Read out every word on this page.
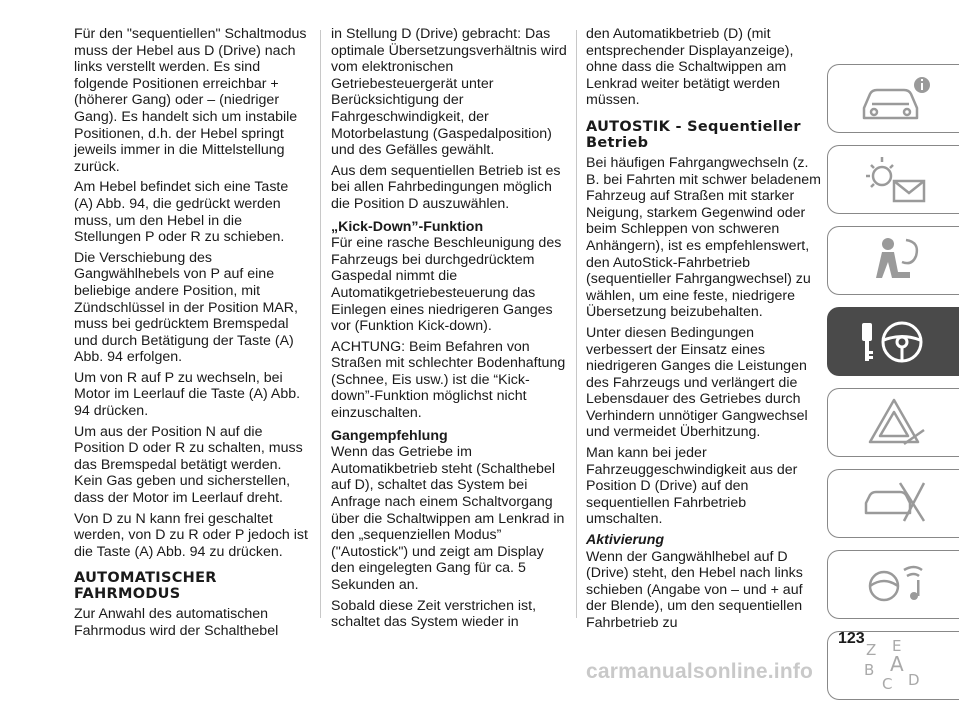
Für den "sequentiellen" Schaltmodus muss der Hebel aus D (Drive) nach links verstellt werden. Es sind folgende Positionen erreichbar + (höherer Gang) oder – (niedriger Gang). Es handelt sich um instabile Positionen, d.h. der Hebel springt jeweils immer in die Mittelstellung zurück.

Am Hebel befindet sich eine Taste (A) Abb. 94, die gedrückt werden muss, um den Hebel in die Stellungen P oder R zu schieben.

Die Verschiebung des Gangwählhebels von P auf eine beliebige andere Position, mit Zündschlüssel in der Position MAR, muss bei gedrücktem Bremspedal und durch Betätigung der Taste (A) Abb. 94 erfolgen.

Um von R auf P zu wechseln, bei Motor im Leerlauf die Taste (A) Abb. 94 drücken.

Um aus der Position N auf die Position D oder R zu schalten, muss das Bremspedal betätigt werden. Kein Gas geben und sicherstellen, dass der Motor im Leerlauf dreht.

Von D zu N kann frei geschaltet werden, von D zu R oder P jedoch ist die Taste (A) Abb. 94 zu drücken.

AUTOMATISCHER FAHRMODUS

Zur Anwahl des automatischen Fahrmodus wird der Schalthebel

in Stellung D (Drive) gebracht: Das optimale Übersetzungsverhältnis wird vom elektronischen Getriebesteuergerät unter Berücksichtigung der Fahrgeschwindigkeit, der Motorbelastung (Gaspedalposition) und des Gefälles gewählt.

Aus dem sequentiellen Betrieb ist es bei allen Fahrbedingungen möglich die Position D auszuwählen.

„Kick-Down”-Funktion

Für eine rasche Beschleunigung des Fahrzeugs bei durchgedrücktem Gaspedal nimmt die Automatikgetriebesteuerung das Einlegen eines niedrigeren Ganges vor (Funktion Kick-down).

ACHTUNG: Beim Befahren von Straßen mit schlechter Bodenhaftung (Schnee, Eis usw.) ist die “Kick-down”-Funktion möglichst nicht einzuschalten.

Gangempfehlung

Wenn das Getriebe im Automatikbetrieb steht (Schalthebel auf D), schaltet das System bei Anfrage nach einem Schaltvorgang über die Schaltwippen am Lenkrad in den „sequenziellen Modus” ("Autostick") und zeigt am Display den eingelegten Gang für ca. 5 Sekunden an.

Sobald diese Zeit verstrichen ist, schaltet das System wieder in

den Automatikbetrieb (D) (mit entsprechender Displayanzeige), ohne dass die Schaltwippen am Lenkrad weiter betätigt werden müssen.

AUTOSTIK - Sequentieller Betrieb

Bei häufigen Fahrgangwechseln (z. B. bei Fahrten mit schwer beladenem Fahrzeug auf Straßen mit starker Neigung, starkem Gegenwind oder beim Schleppen von schweren Anhängern), ist es empfehlenswert, den AutoStick-Fahrbetrieb (sequentieller Fahrgangwechsel) zu wählen, um eine feste, niedrigere Übersetzung beizubehalten.

Unter diesen Bedingungen verbessert der Einsatz eines niedrigeren Ganges die Leistungen des Fahrzeugs und verlängert die Lebensdauer des Getriebes durch Verhindern unnötiger Gangwechsel und vermeidet Überhitzung.

Man kann bei jeder Fahrzeuggeschwindigkeit aus der Position D (Drive) auf den sequentiellen Fahrbetrieb umschalten.

Aktivierung

Wenn der Gangwählhebel auf D (Drive) steht, den Hebel nach links schieben (Angabe von – und + auf der Blende), um den sequentiellen Fahrbetrieb zu

Z E
B A
C D
123
carmanualsonline.info
